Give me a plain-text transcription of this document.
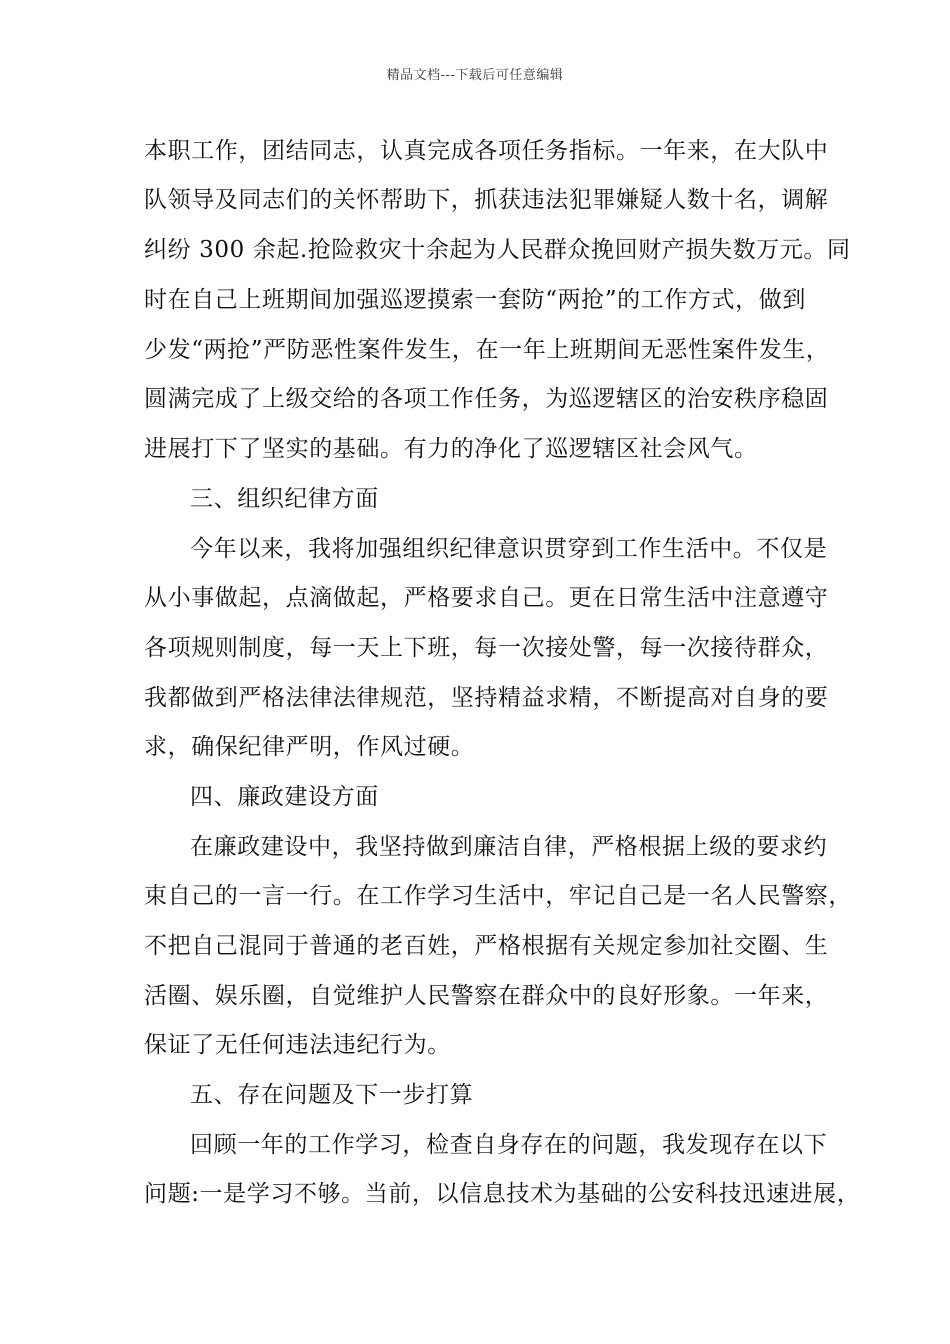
精品文档---下载后可任意编辑
本职工作，团结同志，认真完成各项任务指标。一年来，在大队中
队领导及同志们的关怀帮助下，抓获违法犯罪嫌疑人数十名，调解
纠纷 300 余起.抢险救灾十余起为人民群众挽回财产损失数万元。同
时在自己上班期间加强巡逻摸索一套防“两抢”的工作方式，做到
少发“两抢”严防恶性案件发生，在一年上班期间无恶性案件发生，
圆满完成了上级交给的各项工作任务，为巡逻辖区的治安秩序稳固
进展打下了坚实的基础。有力的净化了巡逻辖区社会风气。
三、组织纪律方面
今年以来，我将加强组织纪律意识贯穿到工作生活中。不仅是
从小事做起，点滴做起，严格要求自己。更在日常生活中注意遵守
各项规则制度，每一天上下班，每一次接处警，每一次接待群众，
我都做到严格法律法律规范，坚持精益求精，不断提高对自身的要
求，确保纪律严明，作风过硬。
四、廉政建设方面
在廉政建设中，我坚持做到廉洁自律，严格根据上级的要求约
束自己的一言一行。在工作学习生活中，牢记自己是一名人民警察，
不把自己混同于普通的老百姓，严格根据有关规定参加社交圈、生
活圈、娱乐圈，自觉维护人民警察在群众中的良好形象。一年来，
保证了无任何违法违纪行为。
五、存在问题及下一步打算
回顾一年的工作学习，检查自身存在的问题，我发现存在以下
问题:一是学习不够。当前，以信息技术为基础的公安科技迅速进展，
